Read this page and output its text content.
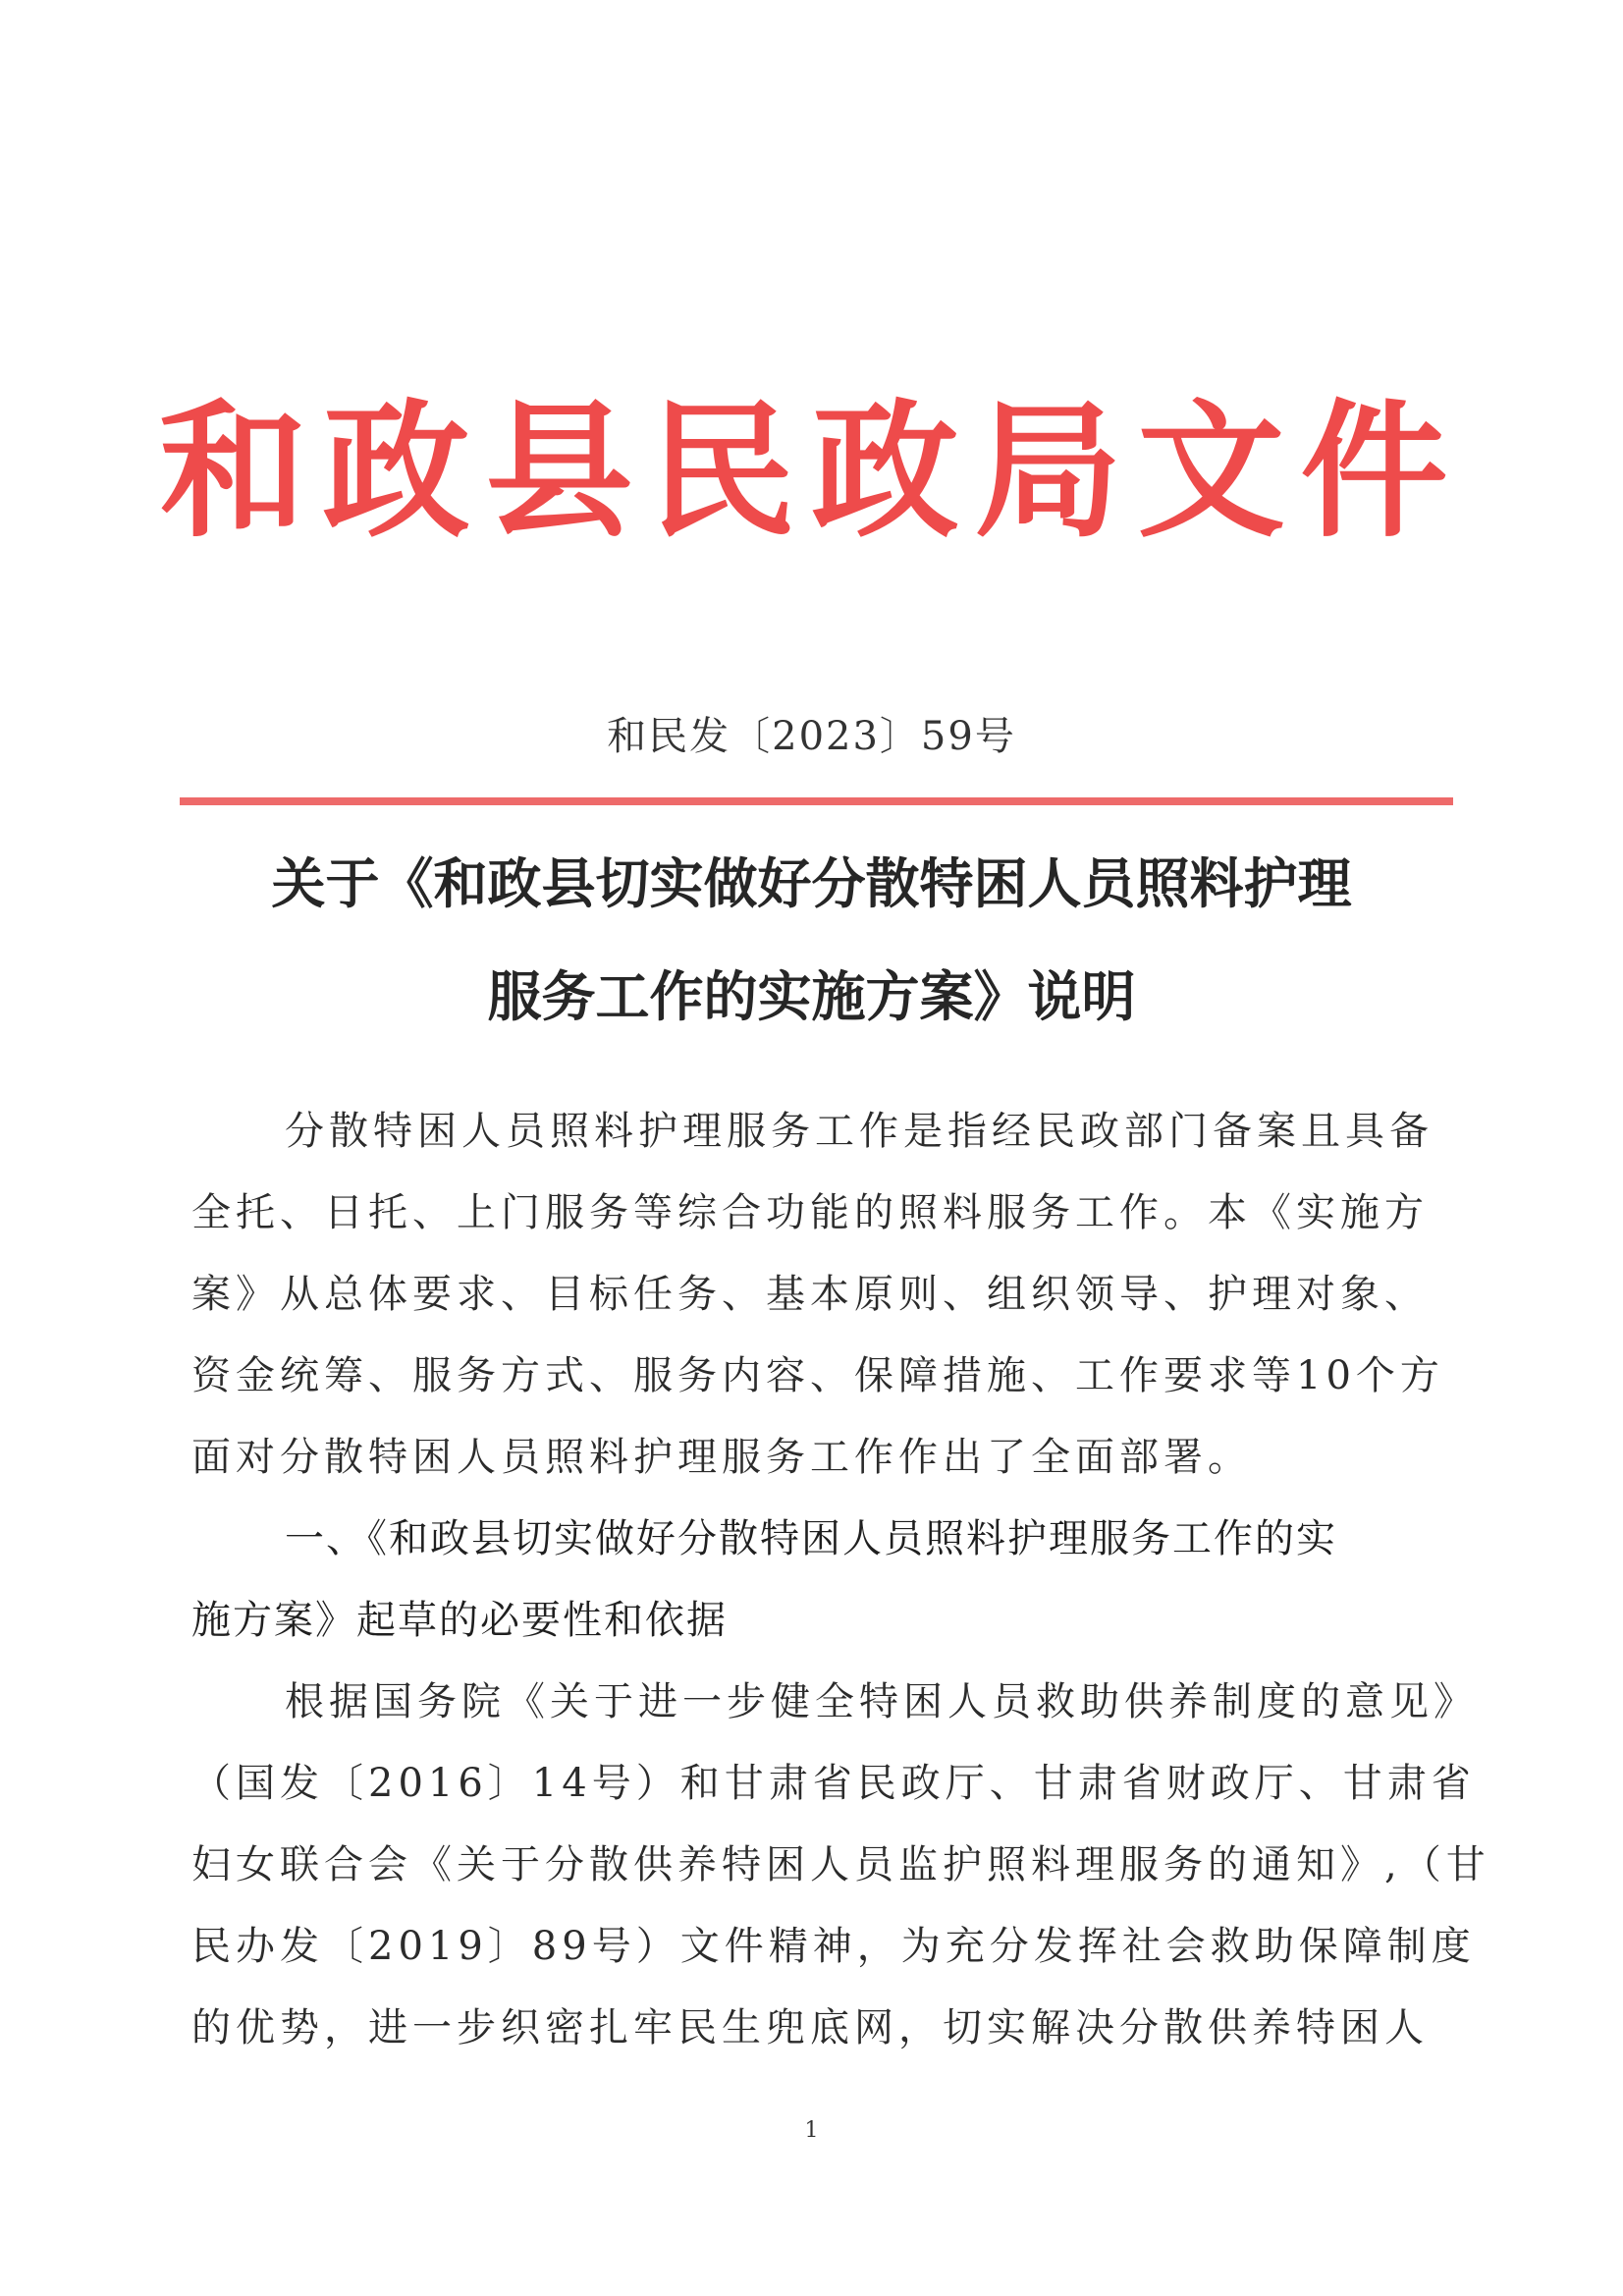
和政县民政局文件
和民发〔2023〕59号
关于《和政县切实做好分散特困人员照料护理
服务工作的实施方案》说明
分散特困人员照料护理服务工作是指经民政部门备案且具备
全托、日托、上门服务等综合功能的照料服务工作。本《实施方
案》从总体要求、目标任务、基本原则、组织领导、护理对象、
资金统筹、服务方式、服务内容、保障措施、工作要求等10个方
面对分散特困人员照料护理服务工作作出了全面部署。
一、《和政县切实做好分散特困人员照料护理服务工作的实
施方案》起草的必要性和依据
根据国务院《关于进一步健全特困人员救助供养制度的意见》
（国发〔2016〕14号）和甘肃省民政厅、甘肃省财政厅、甘肃省
妇女联合会《关于分散供养特困人员监护照料理服务的通知》,（甘
民办发〔2019〕89号）文件精神，为充分发挥社会救助保障制度
的优势，进一步织密扎牢民生兜底网，切实解决分散供养特困人
1
